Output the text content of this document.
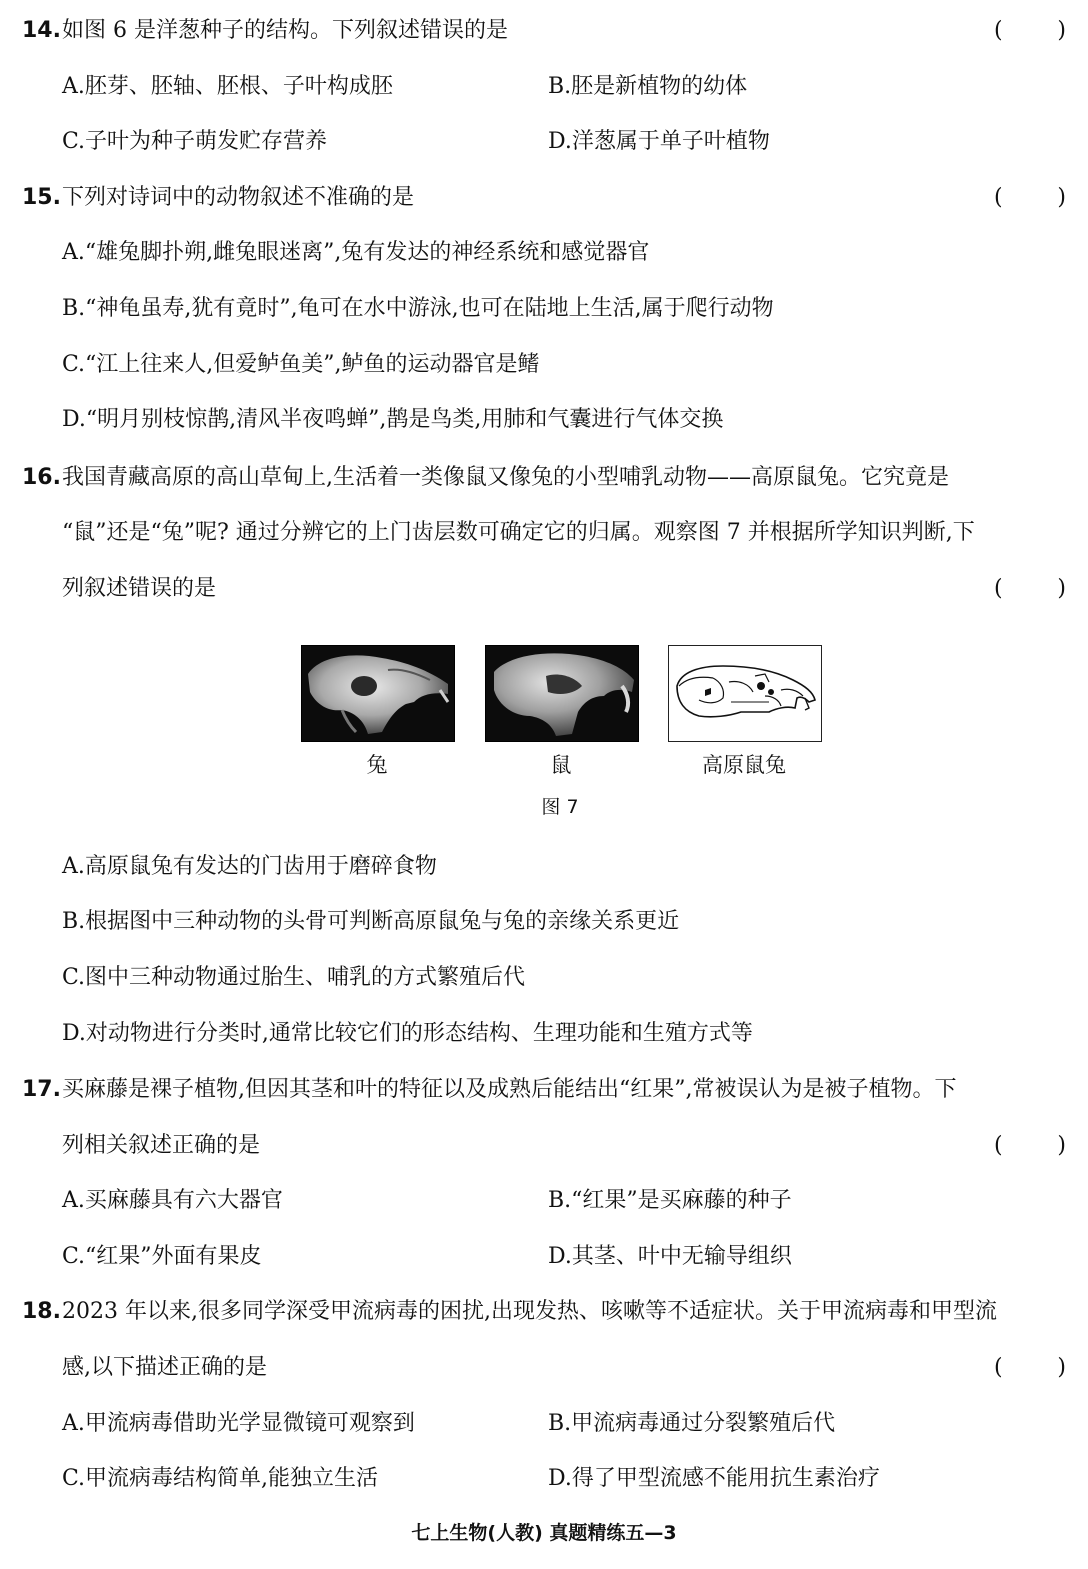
14. 如图 6 是洋葱种子的结构。下列叙述错误的是	( )
A.胚芽、胚轴、胚根、子叶构成胚	B.胚是新植物的幼体
C.子叶为种子萌发贮存营养	D.洋葱属于单子叶植物
15. 下列对诗词中的动物叙述不准确的是	( )
A.“雄兔脚扑朔,雌兔眼迷离”,兔有发达的神经系统和感觉器官
B.“神龟虽寿,犹有竟时”,龟可在水中游泳,也可在陆地上生活,属于爬行动物
C.“江上往来人,但爱鲈鱼美”,鲈鱼的运动器官是鳍
D.“明月别枝惊鹊,清风半夜鸣蝉”,鹊是鸟类,用肺和气囊进行气体交换
16. 我国青藏高原的高山草甸上,生活着一类像鼠又像兔的小型哺乳动物——高原鼠兔。它究竟是
“鼠”还是“兔”呢? 通过分辨它的上门齿层数可确定它的归属。观察图 7 并根据所学知识判断,下
列叙述错误的是	( )
兔	鼠	高原鼠兔
图 7
A.高原鼠兔有发达的门齿用于磨碎食物
B.根据图中三种动物的头骨可判断高原鼠兔与兔的亲缘关系更近
C.图中三种动物通过胎生、哺乳的方式繁殖后代
D.对动物进行分类时,通常比较它们的形态结构、生理功能和生殖方式等
17. 买麻藤是裸子植物,但因其茎和叶的特征以及成熟后能结出“红果”,常被误认为是被子植物。下
列相关叙述正确的是	( )
A.买麻藤具有六大器官	B.“红果”是买麻藤的种子
C.“红果”外面有果皮	D.其茎、叶中无输导组织
18. 2023 年以来,很多同学深受甲流病毒的困扰,出现发热、咳嗽等不适症状。关于甲流病毒和甲型流
感,以下描述正确的是	( )
A.甲流病毒借助光学显微镜可观察到	B.甲流病毒通过分裂繁殖后代
C.甲流病毒结构简单,能独立生活	D.得了甲型流感不能用抗生素治疗
七上生物(人教) 真题精练五—3
